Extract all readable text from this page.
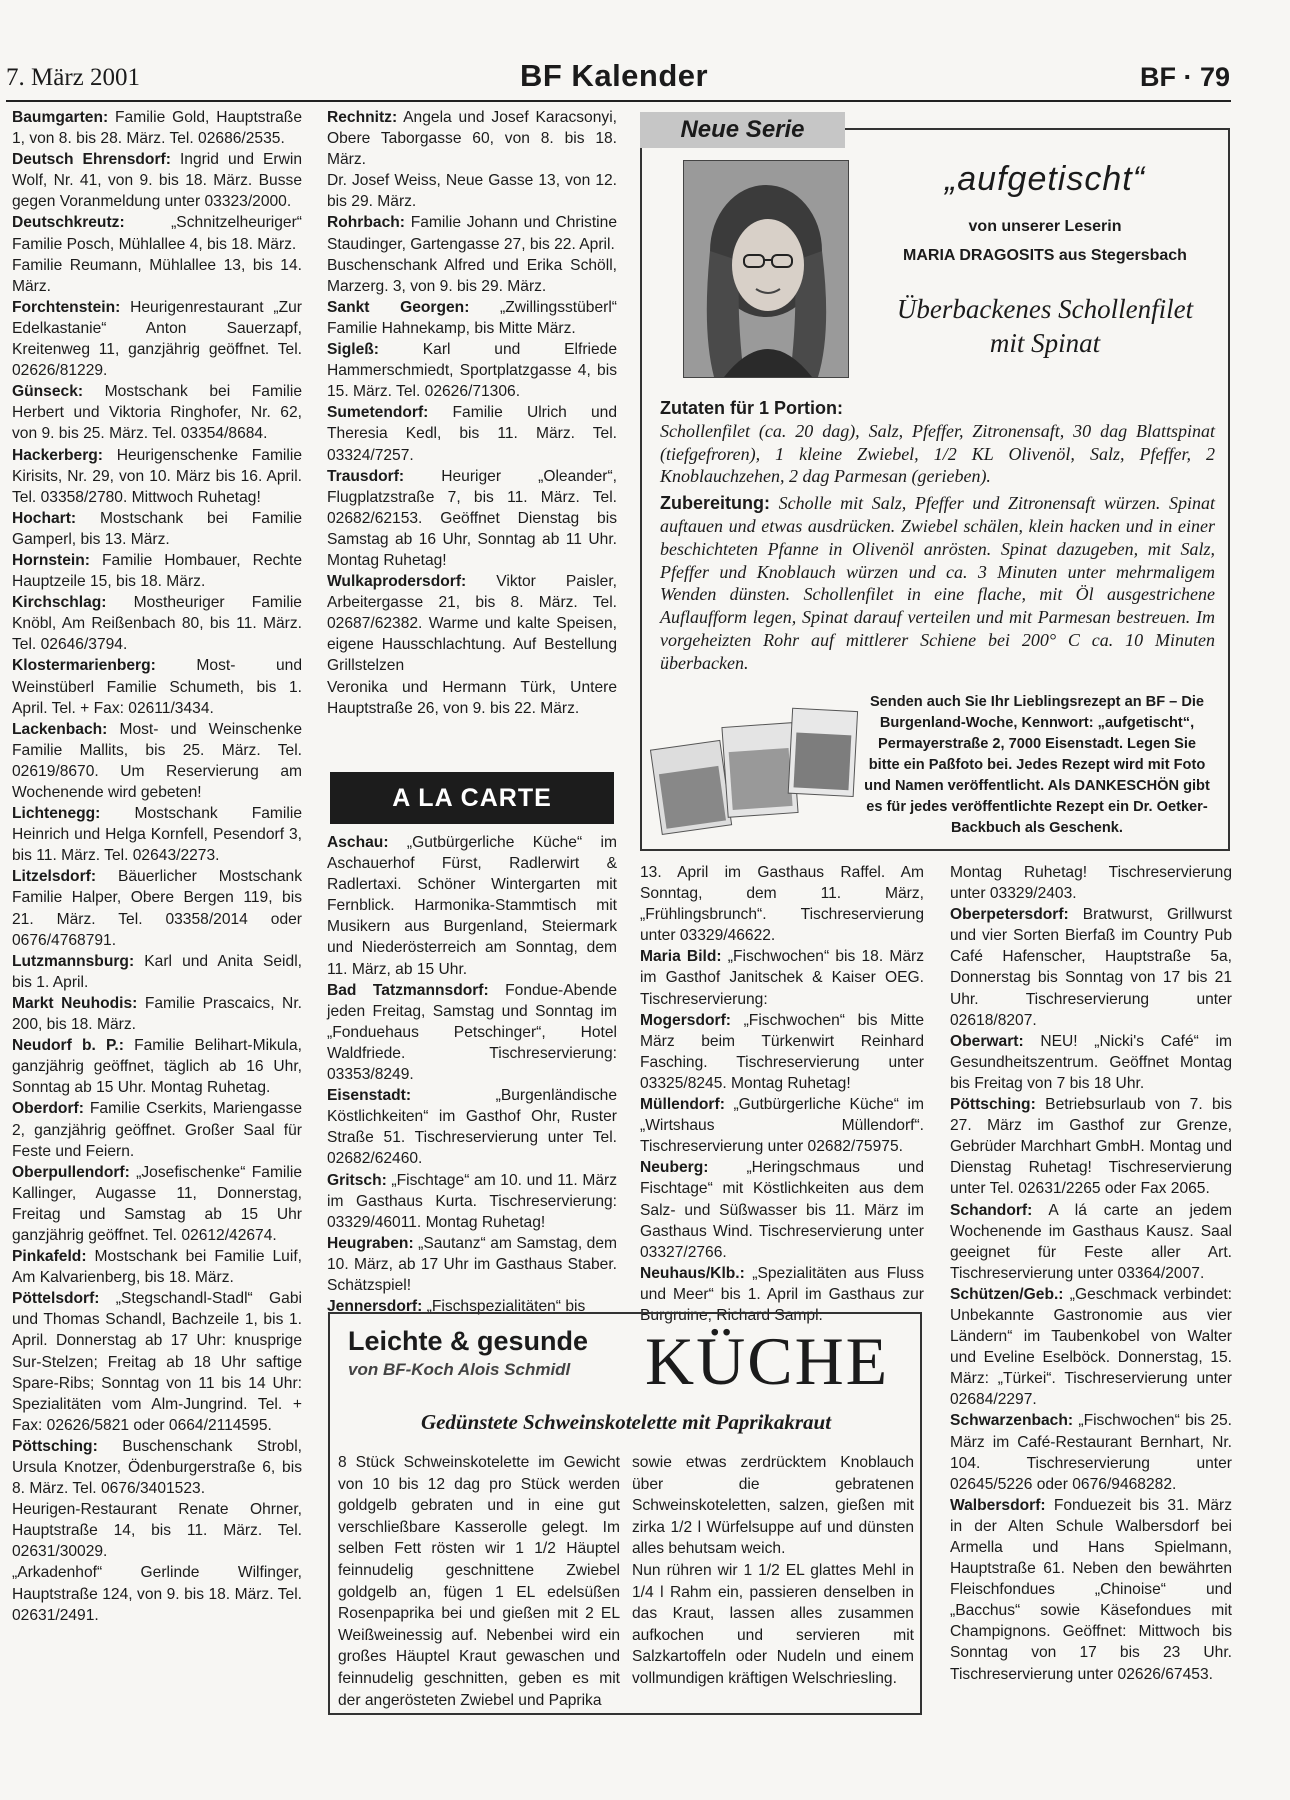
7. März 2001	BF Kalender	BF · 79

Baumgarten: Familie Gold, Hauptstraße 1, von 8. bis 28. März. Tel. 02686/2535.

Deutsch Ehrensdorf: Ingrid und Erwin Wolf, Nr. 41, von 9. bis 18. März. Busse gegen Voranmeldung unter 03323/2000.

Deutschkreutz: „Schnitzelheuriger“ Familie Posch, Mühlallee 4, bis 18. März.

Familie Reumann, Mühlallee 13, bis 14. März.

Forchtenstein: Heurigenrestaurant „Zur Edelkastanie“ Anton Sauerzapf, Kreitenweg 11, ganzjährig geöffnet. Tel. 02626/81229.

Günseck: Mostschank bei Familie Herbert und Viktoria Ringhofer, Nr. 62, von 9. bis 25. März. Tel. 03354/8684.

Hackerberg: Heurigenschenke Familie Kirisits, Nr. 29, von 10. März bis 16. April. Tel. 03358/2780. Mittwoch Ruhetag!

Hochart: Mostschank bei Familie Gamperl, bis 13. März.

Hornstein: Familie Hombauer, Rechte Hauptzeile 15, bis 18. März.

Kirchschlag: Mostheuriger Familie Knöbl, Am Reißenbach 80, bis 11. März. Tel. 02646/3794.

Klostermarienberg: Most- und Weinstüberl Familie Schumeth, bis 1. April. Tel. + Fax: 02611/3434.

Lackenbach: Most- und Weinschenke Familie Mallits, bis 25. März. Tel. 02619/8670. Um Reservierung am Wochenende wird gebeten!

Lichtenegg: Mostschank Familie Heinrich und Helga Kornfell, Pesendorf 3, bis 11. März. Tel. 02643/2273.

Litzelsdorf: Bäuerlicher Mostschank Familie Halper, Obere Bergen 119, bis 21. März. Tel. 03358/2014 oder 0676/4768791.

Lutzmannsburg: Karl und Anita Seidl, bis 1. April.

Markt Neuhodis: Familie Prascaics, Nr. 200, bis 18. März.

Neudorf b. P.: Familie Belihart-Mikula, ganzjährig geöffnet, täglich ab 16 Uhr, Sonntag ab 15 Uhr. Montag Ruhetag.

Oberdorf: Familie Cserkits, Mariengasse 2, ganzjährig geöffnet. Großer Saal für Feste und Feiern.

Oberpullendorf: „Josefischenke“ Familie Kallinger, Augasse 11, Donnerstag, Freitag und Samstag ab 15 Uhr ganzjährig geöffnet. Tel. 02612/42674.

Pinkafeld: Mostschank bei Familie Luif, Am Kalvarienberg, bis 18. März.

Pöttelsdorf: „Stegschandl-Stadl“ Gabi und Thomas Schandl, Bachzeile 1, bis 1. April. Donnerstag ab 17 Uhr: knusprige Sur-Stelzen; Freitag ab 18 Uhr saftige Spare-Ribs; Sonntag von 11 bis 14 Uhr: Spezialitäten vom Alm-Jungrind. Tel. + Fax: 02626/5821 oder 0664/2114595.

Pöttsching: Buschenschank Strobl, Ursula Knotzer, Ödenburgerstraße 6, bis 8. März. Tel. 0676/3401523.

Heurigen-Restaurant Renate Ohrner, Hauptstraße 14, bis 11. März. Tel. 02631/30029.

„Arkadenhof“ Gerlinde Wilfinger, Hauptstraße 124, von 9. bis 18. März. Tel. 02631/2491.

Rechnitz: Angela und Josef Karacsonyi, Obere Taborgasse 60, von 8. bis 18. März.

Dr. Josef Weiss, Neue Gasse 13, von 12. bis 29. März.

Rohrbach: Familie Johann und Christine Staudinger, Gartengasse 27, bis 22. April.

Buschenschank Alfred und Erika Schöll, Marzerg. 3, von 9. bis 29. März.

Sankt Georgen: „Zwillingsstüberl“ Familie Hahnekamp, bis Mitte März.

Sigleß: Karl und Elfriede Hammerschmiedt, Sportplatzgasse 4, bis 15. März. Tel. 02626/71306.

Sumetendorf: Familie Ulrich und Theresia Kedl, bis 11. März. Tel. 03324/7257.

Trausdorf: Heuriger „Oleander“, Flugplatzstraße 7, bis 11. März. Tel. 02682/62153. Geöffnet Dienstag bis Samstag ab 16 Uhr, Sonntag ab 11 Uhr. Montag Ruhetag!

Wulkaprodersdorf: Viktor Paisler, Arbeitergasse 21, bis 8. März. Tel. 02687/62382. Warme und kalte Speisen, eigene Hausschlachtung. Auf Bestellung Grillstelzen

Veronika und Hermann Türk, Untere Hauptstraße 26, von 9. bis 22. März.

A LA CARTE

Aschau: „Gutbürgerliche Küche“ im Aschauerhof Fürst, Radlerwirt & Radlertaxi. Schöner Wintergarten mit Fernblick. Harmonika-Stammtisch mit Musikern aus Burgenland, Steiermark und Niederösterreich am Sonntag, dem 11. März, ab 15 Uhr.

Bad Tatzmannsdorf: Fondue-Abende jeden Freitag, Samstag und Sonntag im „Fonduehaus Petschinger“, Hotel Waldfriede. Tischreservierung: 03353/8249.

Eisenstadt: „Burgenländische Köstlichkeiten“ im Gasthof Ohr, Ruster Straße 51. Tischreservierung unter Tel. 02682/62460.

Gritsch: „Fischtage“ am 10. und 11. März im Gasthaus Kurta. Tischreservierung: 03329/46011. Montag Ruhetag!

Heugraben: „Sautanz“ am Samstag, dem 10. März, ab 17 Uhr im Gasthaus Staber. Schätzspiel!

Jennersdorf: „Fischspezialitäten“ bis

13. April im Gasthaus Raffel. Am Sonntag, dem 11. März, „Frühlingsbrunch“. Tischreservierung unter 03329/46622.

Maria Bild: „Fischwochen“ bis 18. März im Gasthof Janitschek & Kaiser OEG. Tischreservierung:

Mogersdorf: „Fischwochen“ bis Mitte März beim Türkenwirt Reinhard Fasching. Tischreservierung unter 03325/8245. Montag Ruhetag!

Müllendorf: „Gutbürgerliche Küche“ im „Wirtshaus Müllendorf“. Tischreservierung unter 02682/75975.

Neuberg: „Heringschmaus und Fischtage“ mit Köstlichkeiten aus dem Salz- und Süßwasser bis 11. März im Gasthaus Wind. Tischreservierung unter 03327/2766.

Neuhaus/Klb.: „Spezialitäten aus Fluss und Meer“ bis 1. April im Gasthaus zur Burgruine, Richard Sampl.

Montag Ruhetag! Tischreservierung unter 03329/2403.

Oberpetersdorf: Bratwurst, Grillwurst und vier Sorten Bierfaß im Country Pub Café Hafenscher, Hauptstraße 5a, Donnerstag bis Sonntag von 17 bis 21 Uhr. Tischreservierung unter 02618/8207.

Oberwart: NEU! „Nicki's Café“ im Gesundheitszentrum. Geöffnet Montag bis Freitag von 7 bis 18 Uhr.

Pöttsching: Betriebsurlaub von 7. bis 27. März im Gasthof zur Grenze, Gebrüder Marchhart GmbH. Montag und Dienstag Ruhetag! Tischreservierung unter Tel. 02631/2265 oder Fax 2065.

Schandorf: A lá carte an jedem Wochenende im Gasthaus Kausz. Saal geeignet für Feste aller Art. Tischreservierung unter 03364/2007.

Schützen/Geb.: „Geschmack verbindet: Unbekannte Gastronomie aus vier Ländern“ im Taubenkobel von Walter und Eveline Eselböck. Donnerstag, 15. März: „Türkei“. Tischreservierung unter 02684/2297.

Schwarzenbach: „Fischwochen“ bis 25. März im Café-Restaurant Bernhart, Nr. 104. Tischreservierung unter 02645/5226 oder 0676/9468282.

Walbersdorf: Fonduezeit bis 31. März in der Alten Schule Walbersdorf bei Armella und Hans Spielmann, Hauptstraße 61. Neben den bewährten Fleischfondues „Chinoise“ und „Bacchus“ sowie Käsefondues mit Champignons. Geöffnet: Mittwoch bis Sonntag von 17 bis 23 Uhr. Tischreservierung unter 02626/67453.

Neue Serie
„aufgetischt“
von unserer Leserin
MARIA DRAGOSITS aus Stegersbach
Überbackenes Schollenfilet
mit Spinat

Zutaten für 1 Portion:
Schollenfilet (ca. 20 dag), Salz, Pfeffer, Zitronensaft, 30 dag Blattspinat (tiefgefroren), 1 kleine Zwiebel, 1/2 KL Olivenöl, Salz, Pfeffer, 2 Knoblauchzehen, 2 dag Parmesan (gerieben).

Zubereitung: Scholle mit Salz, Pfeffer und Zitronensaft würzen. Spinat auftauen und etwas ausdrücken. Zwiebel schälen, klein hacken und in einer beschichteten Pfanne in Olivenöl anrösten. Spinat dazugeben, mit Salz, Pfeffer und Knoblauch würzen und ca. 3 Minuten unter mehrmaligem Wenden dünsten. Schollenfilet in eine flache, mit Öl ausgestrichene Auflaufform legen, Spinat darauf verteilen und mit Parmesan bestreuen. Im vorgeheizten Rohr auf mittlerer Schiene bei 200° C ca. 10 Minuten überbacken.

Senden auch Sie Ihr Lieblingsrezept an BF – Die Burgenland-Woche, Kennwort: „aufgetischt“, Permayerstraße 2, 7000 Eisenstadt. Legen Sie bitte ein Paßfoto bei. Jedes Rezept wird mit Foto und Namen veröffentlicht. Als DANKESCHÖN gibt es für jedes veröffentlichte Rezept ein Dr. Oetker-Backbuch als Geschenk.
Leichte & gesunde
von BF-Koch Alois Schmidl KÜCHE
Gedünstete Schweinskotelette mit Paprikakraut

8 Stück Schweinskotelette im Gewicht von 10 bis 12 dag pro Stück werden goldgelb gebraten und in eine gut verschließbare Kasserolle gelegt. Im selben Fett rösten wir 1 1/2 Häuptel feinnudelig geschnittene Zwiebel goldgelb an, fügen 1 EL edelsüßen Rosenpaprika bei und gießen mit 2 EL Weißweinessig auf. Nebenbei wird ein großes Häuptel Kraut gewaschen und feinnudelig geschnitten, geben es mit der angerösteten Zwiebel und Paprika

sowie etwas zerdrücktem Knoblauch über die gebratenen Schweinskoteletten, salzen, gießen mit zirka 1/2 l Würfelsuppe auf und dünsten alles behutsam weich.

Nun rühren wir 1 1/2 EL glattes Mehl in 1/4 l Rahm ein, passieren denselben in das Kraut, lassen alles zusammen aufkochen und servieren mit Salzkartoffeln oder Nudeln und einem vollmundigen kräftigen Welschriesling.
